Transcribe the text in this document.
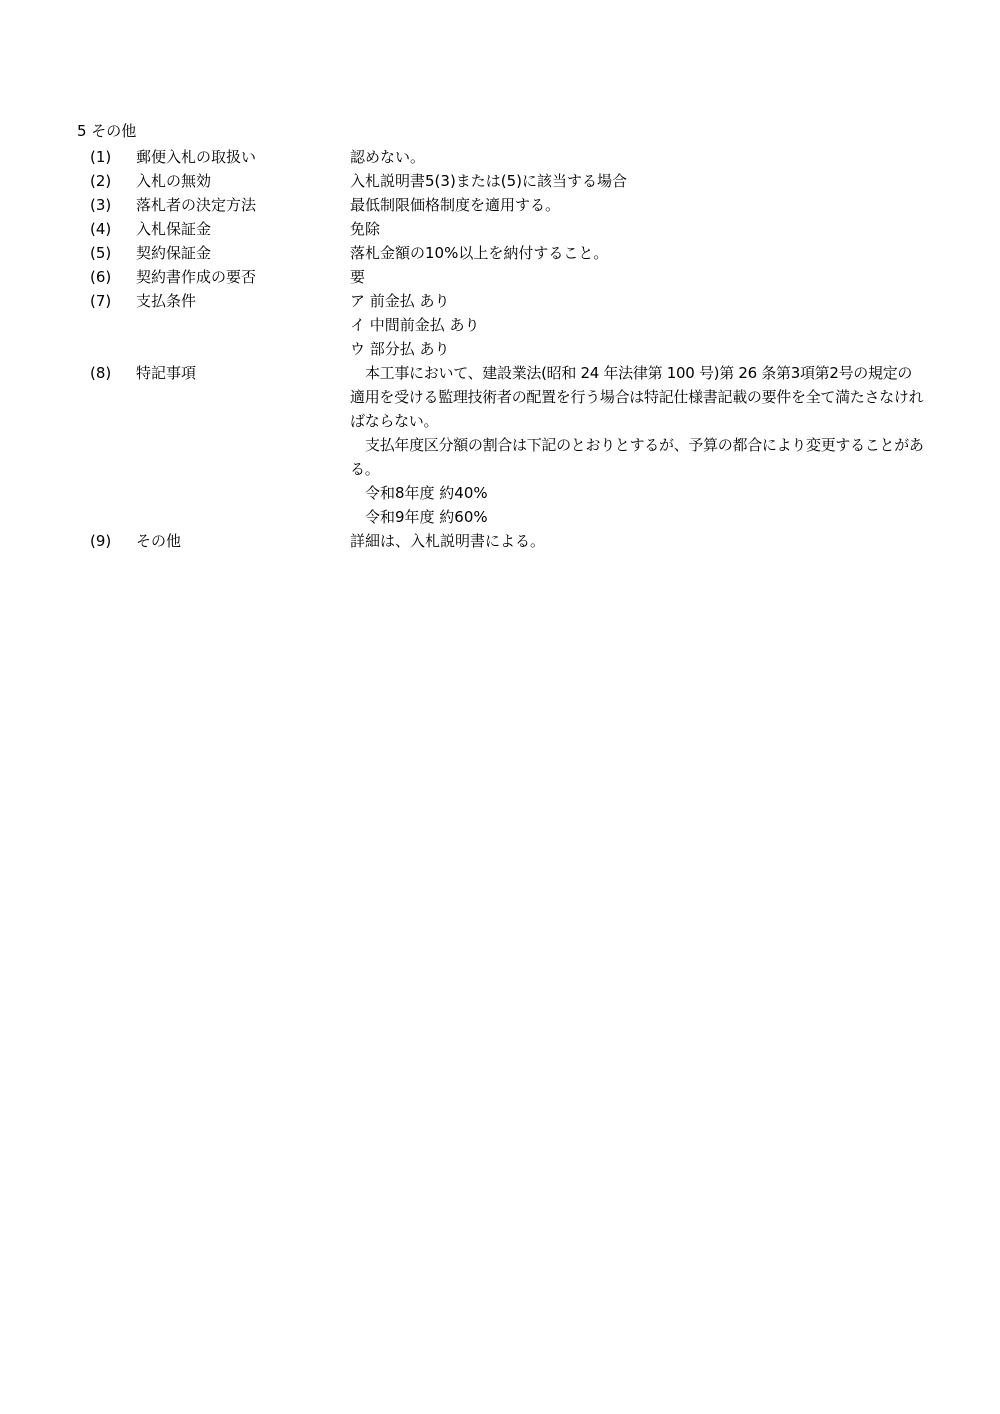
5 その他
(1) 郵便入札の取扱い	認めない。
(2) 入札の無効	入札説明書5(3)または(5)に該当する場合
(3) 落札者の決定方法	最低制限価格制度を適用する。
(4) 入札保証金	免除
(5) 契約保証金	落札金額の10%以上を納付すること。
(6) 契約書作成の要否	要
(7) 支払条件	ア 前金払 あり
イ 中間前金払 あり
ウ 部分払 あり
(8) 特記事項	本工事において、建設業法(昭和 24 年法律第 100 号)第 26 条第3項第2号の規定の適用を受ける監理技術者の配置を行う場合は特記仕様書記載の要件を全て満たさなければならない。
支払年度区分額の割合は下記のとおりとするが、予算の都合により変更することがある。
令和8年度 約40%
令和9年度 約60%
(9) その他	詳細は、入札説明書による。
